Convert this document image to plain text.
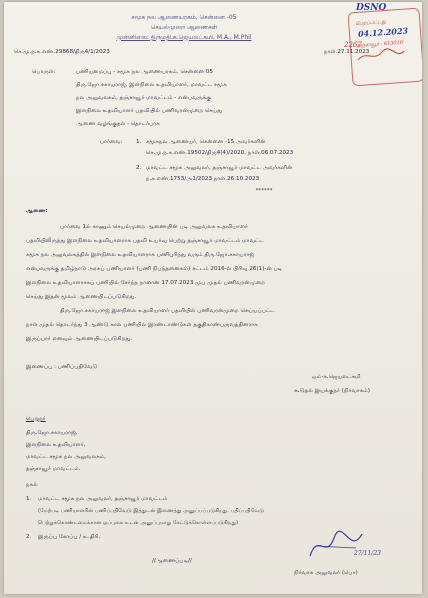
DSNO
பெறப்பட்டது
04.12.2023
தஞ்சாவூர் - 613010
சமூக நல ஆணையரகம், சென்னை -05
செயல்முறை ஆணைகள்
முன்னிலை: திருமதி.க.ஜெயலட்சுமி, M.A., M.Phil
2267
செ.மு.ந.க.எண்.29868/திரு4/1/2023	நாள்.27.11.2023
பொருள்:	பணியமைப்பு - சமூக நல ஆணையரகம், சென்னை 05
திரு.ஜோ.சகாயராஜ், இளநிலை உதவியாளர், மாவட்ட சமூக
நல அலுவலகம், தஞ்சாவூர் மாவட்டம் - என்பவருக்கு
இளநிலை உதவியாளர் பதவியில் பணிவரன்முறை செய்து
ஆணை வழங்குதல் - தொடர்பாக
பார்வை: 1. சமூகநல ஆணையர், சென்னை -15 அவர்களின்
செ.மு.ந.க.எண்.19502/திரு4(4)/2020, நாள்.06.07.2023
2. மாவட்ட சமூக அலுவலர், தஞ்சாவூர் மாவட்ட அவர்களின்
ந.க.எண்.1753/அ1/2023 நாள்.26.10.2023
******
ஆணை:
பார்வை 1ல் காணும் செயல்முறை ஆணையின் படி அலுவலக உதவியாளர்
பதவியிலிருந்து இளநிலை உதவியாளராக பதவி உயர்வு பெற்று தஞ்சாவூர் மாவட்டம் மாவட்ட
சமூக நல அலுவலகத்தில் இளநிலை உதவியாளராக பணிபுரிந்து வரும் திரு.ஜோ.சகாயராஜ்
என்பவருக்கு தமிழ்நாடு அரசுப் பணியாளர் (பணி நிபந்தனைகள்) சட்டம் 2016-ல் பிரிவு 26(1)-ன் படி
இளநிலை உதவியாளராகப் பணியில் சேர்ந்த நாளான 17.07.2023 முப முதல் பணிவரன்முறை
செய்து இதன் மூலம் ஆணையிடப்படுகிறது.
திரு.ஜோ.சகாயராஜ் இளநிலை உதவியாளர் பதவியில் பணிவரன்முறை செய்யப்பட்ட
நாள் முதல் தொடர்ந்து 3 ஆண்டு கால பணியில் இரண்டாண்டுகள் தகுதிகாண்பருவத்தினராக
இருப்பார் எனவும் ஆணையிடப்படுகிறது.
இணைப்பு : பணிப்பதிவேடு
ஒம்-க.ஜெயலட்சுமி
கூடுதல் இயக்குநர் (நிர்வாகம்)
பெறுநர்
திரு.ஜோ.சகாயராஜ்,
இளநிலை உதவியாளர்,
மாவட்ட சமூக நல அலுவலகம்,
தஞ்சாவூர் மாவட்டம்.
நகல்
1. மாவட்ட சமூக நல அலுவலர், தஞ்சாவூர் மாவட்டம்
(மேற்படி பணியாளரின் பணிப்பதிவேடு இத்துடன் இணைத்து அனுப்பப்படுகிறது. பதிப்பதிவேடு
பெற்றுக்கொண்டமைக்கான ஒப்புகை உடன் அனுப்புமாறு கேட்டுக்கொள்ளப்படுகிறது)
2. இருப்பு கோப்பு / உ.திரி.
//ஆணைப்படி//
நிர்வாக அலுவலர் (பொ)
27/11/23
